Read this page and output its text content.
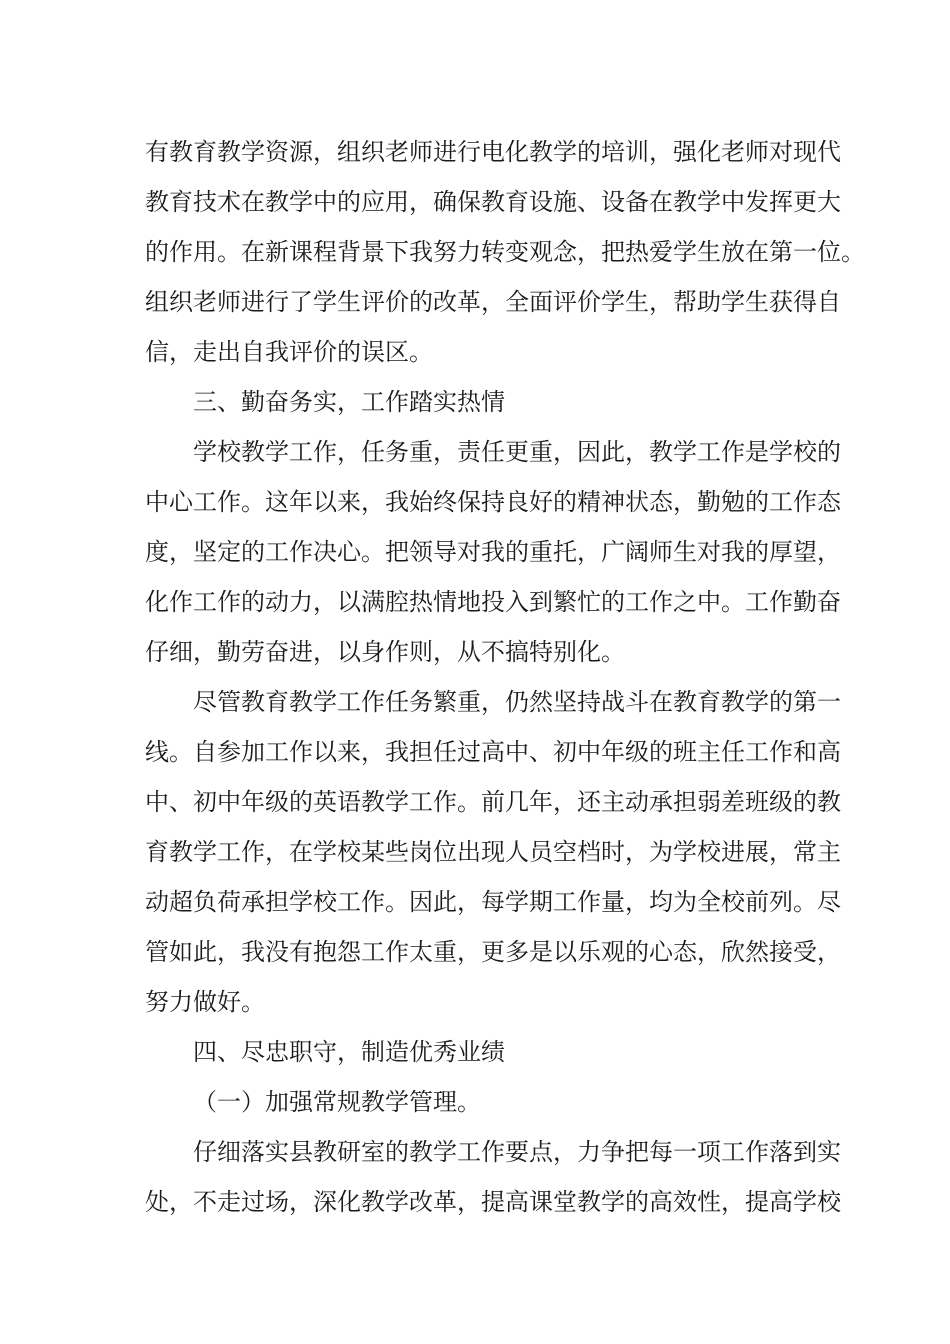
有教育教学资源，组织老师进行电化教学的培训，强化老师对现代
教育技术在教学中的应用，确保教育设施、设备在教学中发挥更大
的作用。在新课程背景下我努力转变观念，把热爱学生放在第一位。
组织老师进行了学生评价的改革，全面评价学生，帮助学生获得自
信，走出自我评价的误区。
三、勤奋务实，工作踏实热情
学校教学工作，任务重，责任更重，因此，教学工作是学校的
中心工作。这年以来，我始终保持良好的精神状态，勤勉的工作态
度，坚定的工作决心。把领导对我的重托，广阔师生对我的厚望，
化作工作的动力，以满腔热情地投入到繁忙的工作之中。工作勤奋
仔细，勤劳奋进，以身作则，从不搞特别化。
尽管教育教学工作任务繁重，仍然坚持战斗在教育教学的第一
线。自参加工作以来，我担任过高中、初中年级的班主任工作和高
中、初中年级的英语教学工作。前几年，还主动承担弱差班级的教
育教学工作，在学校某些岗位出现人员空档时，为学校进展，常主
动超负荷承担学校工作。因此，每学期工作量，均为全校前列。尽
管如此，我没有抱怨工作太重，更多是以乐观的心态，欣然接受，
努力做好。
四、尽忠职守，制造优秀业绩
（一）加强常规教学管理。
仔细落实县教研室的教学工作要点，力争把每一项工作落到实
处，不走过场，深化教学改革，提高课堂教学的高效性，提高学校
